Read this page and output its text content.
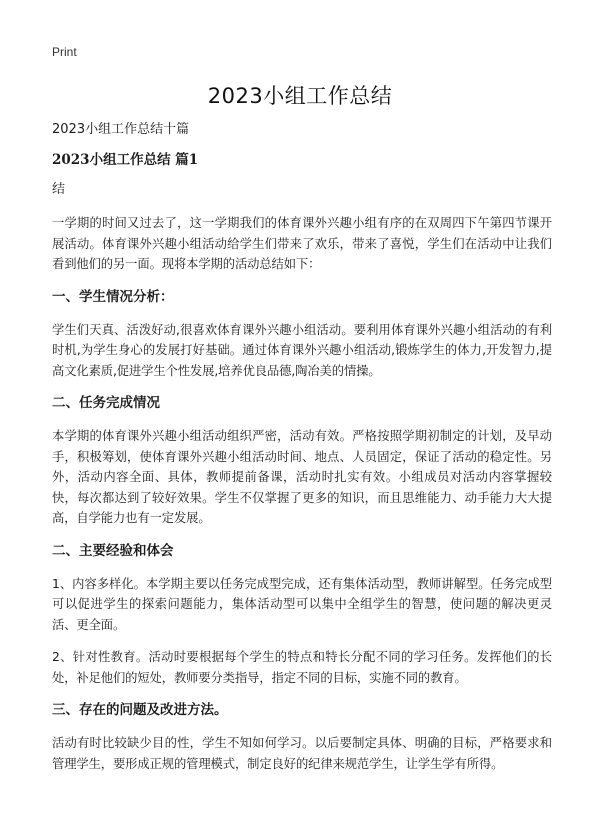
Print
2023小组工作总结

2023小组工作总结十篇

2023小组工作总结 篇1

结

一学期的时间又过去了，这一学期我们的体育课外兴趣小组有序的在双周四下午第四节课开展活动。体育课外兴趣小组活动给学生们带来了欢乐，带来了喜悦，学生们在活动中让我们看到他们的另一面。现将本学期的活动总结如下：

一、学生情况分析：

学生们天真、活泼好动,很喜欢体育课外兴趣小组活动。要利用体育课外兴趣小组活动的有利时机,为学生身心的发展打好基础。通过体育课外兴趣小组活动,锻炼学生的体力,开发智力,提高文化素质,促进学生个性发展,培养优良品德,陶冶美的情操。

二、任务完成情况

本学期的体育课外兴趣小组活动组织严密，活动有效。严格按照学期初制定的计划，及早动手，积极筹划，使体育课外兴趣小组活动时间、地点、人员固定，保证了活动的稳定性。另外，活动内容全面、具体，教师提前备课，活动时扎实有效。小组成员对活动内容掌握较快，每次都达到了较好效果。学生不仅掌握了更多的知识，而且思维能力、动手能力大大提高，自学能力也有一定发展。

二、主要经验和体会

1、内容多样化。本学期主要以任务完成型完成，还有集体活动型，教师讲解型。任务完成型可以促进学生的探索问题能力，集体活动型可以集中全组学生的智慧，使问题的解决更灵活、更全面。

2、针对性教育。活动时要根据每个学生的特点和特长分配不同的学习任务。发挥他们的长处，补足他们的短处，教师要分类指导，指定不同的目标，实施不同的教育。

三、存在的问题及改进方法。

活动有时比较缺少目的性，学生不知如何学习。以后要制定具体、明确的目标，严格要求和管理学生，要形成正规的管理模式，制定良好的纪律来规范学生，让学生学有所得。
